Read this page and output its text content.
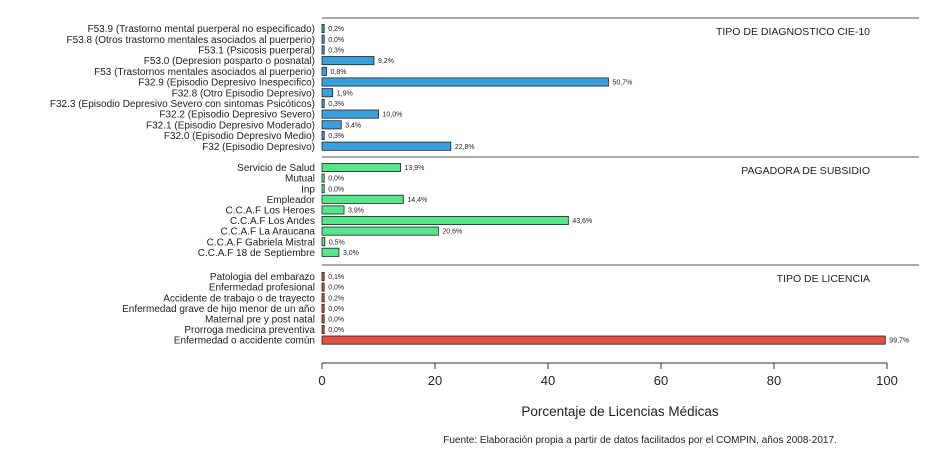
TIPO DE DIAGNOSTICO CIE-10
F53.9 (Trastorno mental puerperal no especificado) 0,2%
F53.8 (Otros trastorno mentales asociados al puerperio) 0,0%
F53.1 (Psicosis puerperal) 0,3%
F53.0 (Depresion posparto o posnatal)	9,2%
F53 (Trastornos mentales asociados al puerperio) 0,8%
F32.9 (Episodio Depresivo Inespecifico)	50,7%
F32.8 (Otro Episodio Depresivo)	1,9%
F32.3 (Episodio Depresivo Severo con sintomas Psicóticos) 0,3%
F32.2 (Episodio Depresivo Severo)	10,0%
F32.1 (Episodio Depresivo Moderado)	3,4%
F32.0 (Episodio Depresivo Medio) 0,3%
F32 (Episodio Depresivo)	22,8%
PAGADORA DE SUBSIDIO
Servicio de Salud	13,9%
Mutual 0,0%
Inp 0,0%
Empleador	14,4%
C.C.A.F Los Heroes	3,9%
C.C.A.F Los Andes	43,6%
C.C.A.F La Araucana	20,6%
C.C.A.F Gabriela Mistral 0,5%
C.C.A.F 18 de Septiembre	3,0%
TIPO DE LICENCIA
Patologia del embarazo 0,1%
Enfermedad profesional 0,0%
Accidente de trabajo o de trayecto 0,2%
Enfermedad grave de hijo menor de un año 0,0%
Maternal pre y post natal 0,0%
Prorroga medicina preventiva 0,0%
Enfermedad o accidente común	99,7%
0	20	40	60	80	100
Porcentaje de Licencias Médicas
Fuente: Elaboración propia a partir de datos facilitados por el COMPIN, años 2008-2017.
